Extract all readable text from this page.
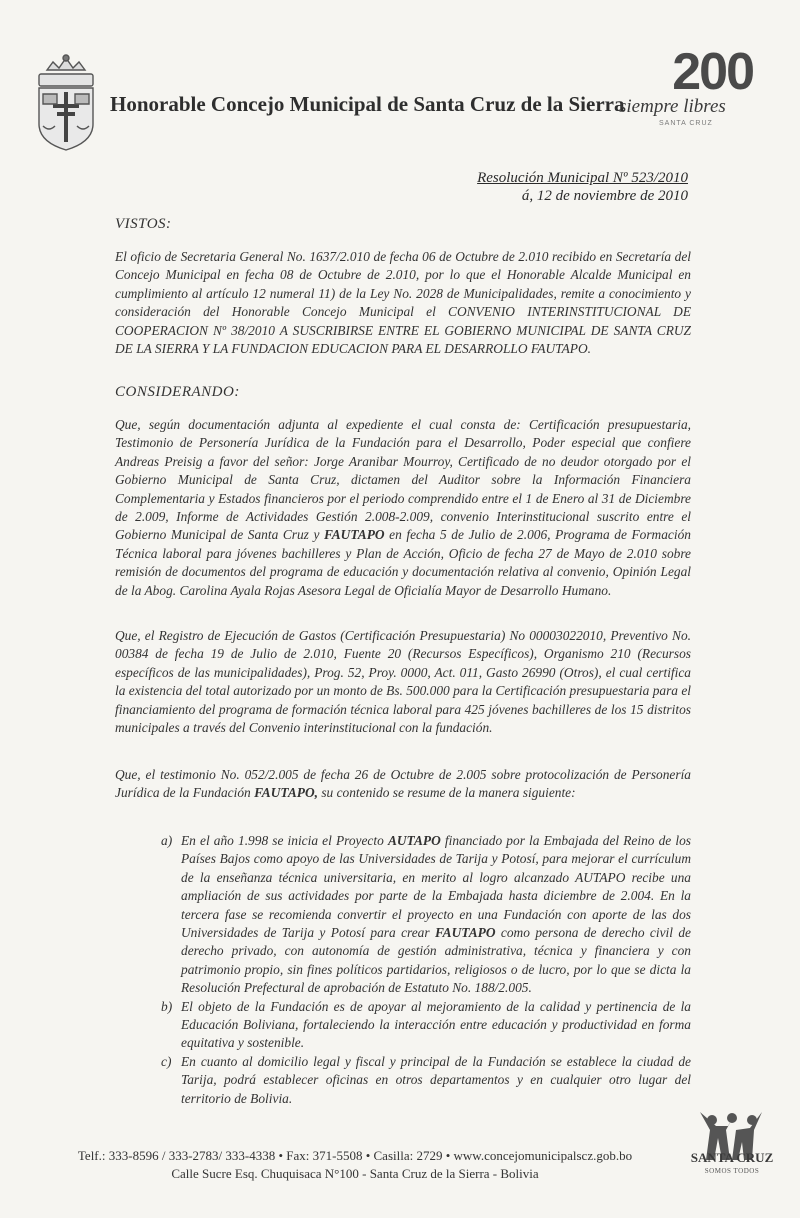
Honorable Concejo Municipal de Santa Cruz de la Sierra
200
siempre libres
SANTA CRUZ
Resolución Municipal Nº 523/2010
á, 12 de noviembre de 2010
VISTOS:

El oficio de Secretaria General No. 1637/2.010 de fecha 06 de Octubre de 2.010 recibido en Secretaría del Concejo Municipal en fecha 08 de Octubre de 2.010, por lo que el Honorable Alcalde Municipal en cumplimiento al artículo 12 numeral 11) de la Ley No. 2028 de Municipalidades, remite a conocimiento y consideración del Honorable Concejo Municipal el CONVENIO INTERINSTITUCIONAL DE COOPERACION Nº 38/2010 A SUSCRIBIRSE ENTRE EL GOBIERNO MUNICIPAL DE SANTA CRUZ DE LA SIERRA Y LA FUNDACION EDUCACION PARA EL DESARROLLO FAUTAPO.

CONSIDERANDO:

Que, según documentación adjunta al expediente el cual consta de: Certificación presupuestaria, Testimonio de Personería Jurídica de la Fundación para el Desarrollo, Poder especial que confiere Andreas Preisig a favor del señor: Jorge Aranibar Mourroy, Certificado de no deudor otorgado por el Gobierno Municipal de Santa Cruz, dictamen del Auditor sobre la Información Financiera Complementaria y Estados financieros por el periodo comprendido entre el 1 de Enero al 31 de Diciembre de 2.009, Informe de Actividades Gestión 2.008-2.009, convenio Interinstitucional suscrito entre el Gobierno Municipal de Santa Cruz y FAUTAPO en fecha 5 de Julio de 2.006, Programa de Formación Técnica laboral para jóvenes bachilleres y Plan de Acción, Oficio de fecha 27 de Mayo de 2.010 sobre remisión de documentos del programa de educación y documentación relativa al convenio, Opinión Legal de la Abog. Carolina Ayala Rojas Asesora Legal de Oficialía Mayor de Desarrollo Humano.

Que, el Registro de Ejecución de Gastos (Certificación Presupuestaria) No 00003022010, Preventivo No. 00384 de fecha 19 de Julio de 2.010, Fuente 20 (Recursos Específicos), Organismo 210 (Recursos específicos de las municipalidades), Prog. 52, Proy. 0000, Act. 011, Gasto 26990 (Otros), el cual certifica la existencia del total autorizado por un monto de Bs. 500.000 para la Certificación presupuestaria para el financiamiento del programa de formación técnica laboral para 425 jóvenes bachilleres de los 15 distritos municipales a través del Convenio interinstitucional con la fundación.

Que, el testimonio No. 052/2.005 de fecha 26 de Octubre de 2.005 sobre protocolización de Personería Jurídica de la Fundación FAUTAPO, su contenido se resume de la manera siguiente:

a) En el año 1.998 se inicia el Proyecto AUTAPO financiado por la Embajada del Reino de los Países Bajos como apoyo de las Universidades de Tarija y Potosí, para mejorar el currículum de la enseñanza técnica universitaria, en merito al logro alcanzado AUTAPO recibe una ampliación de sus actividades por parte de la Embajada hasta diciembre de 2.004. En la tercera fase se recomienda convertir el proyecto en una Fundación con aporte de las dos Universidades de Tarija y Potosí para crear FAUTAPO como persona de derecho civil de derecho privado, con autonomía de gestión administrativa, técnica y financiera y con patrimonio propio, sin fines políticos partidarios, religiosos o de lucro, por lo que se dicta la Resolución Prefectural de aprobación de Estatuto No. 188/2.005.
b) El objeto de la Fundación es de apoyar al mejoramiento de la calidad y pertinencia de la Educación Boliviana, fortaleciendo la interacción entre educación y productividad en forma equitativa y sostenible.
c) En cuanto al domicilio legal y fiscal y principal de la Fundación se establece la ciudad de Tarija, podrá establecer oficinas en otros departamentos y en cualquier otro lugar del territorio de Bolivia.
Telf.: 333-8596 / 333-2783/ 333-4338 • Fax: 371-5508 • Casilla: 2729 • www.concejomunicipalscz.gob.bo
Calle Sucre Esq. Chuquisaca N°100 - Santa Cruz de la Sierra - Bolivia
SANTA CRUZ
SOMOS TODOS
